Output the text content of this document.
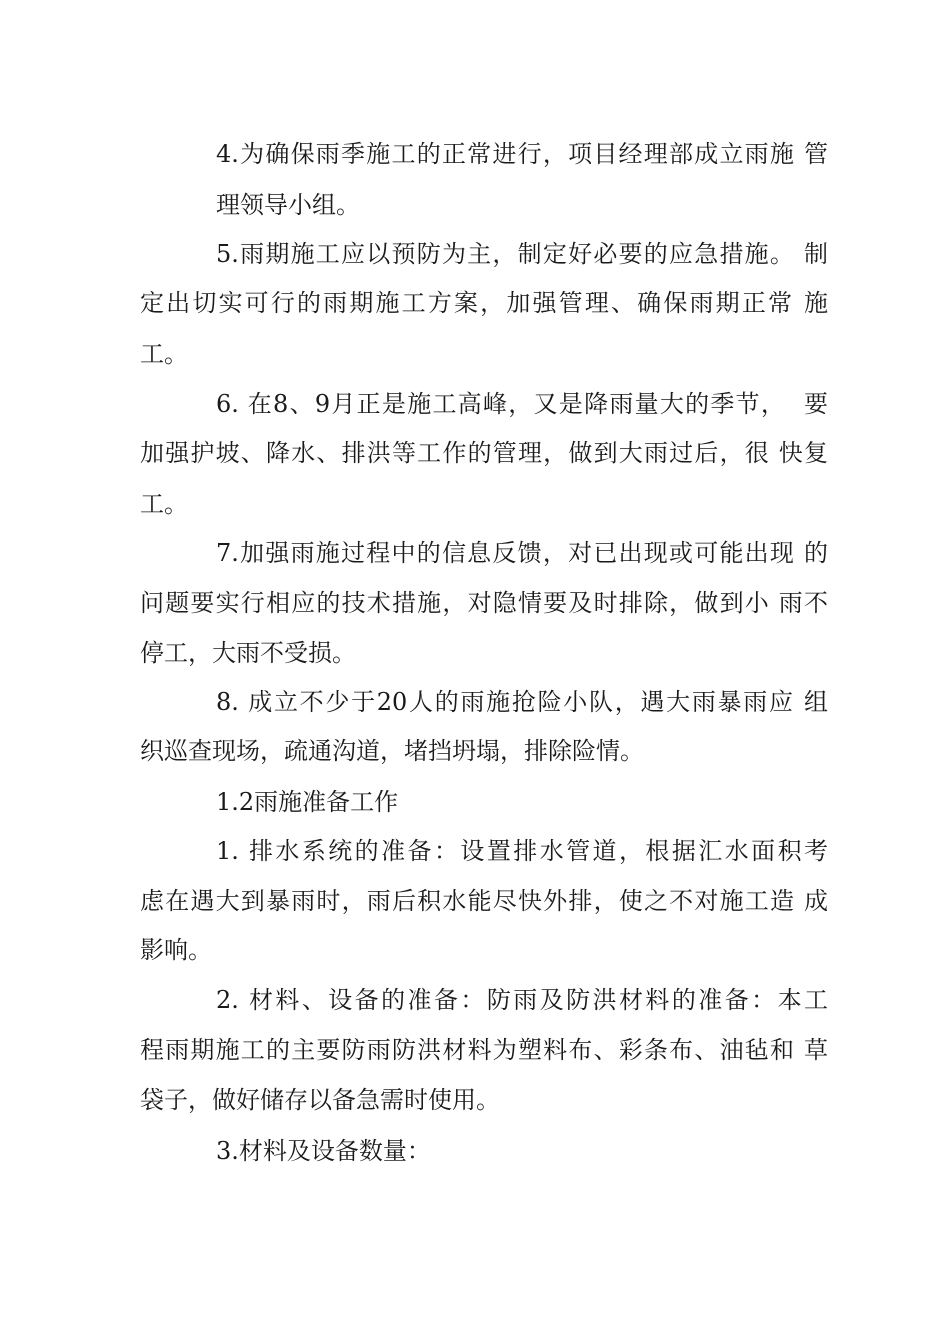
4.为确保雨季施工的正常进行，项目经理部成立雨施 管
理领导小组。
5.雨期施工应以预防为主，制定好必要的应急措施。 制
定出切实可行的雨期施工方案，加强管理、确保雨期正常 施
工。
6. 在8、9月正是施工高峰，又是降雨量大的季节，  要
加强护坡、降水、排洪等工作的管理，做到大雨过后，很 快复
工。
7.加强雨施过程中的信息反馈，对已出现或可能出现 的
问题要实行相应的技术措施，对隐情要及时排除，做到小 雨不
停工，大雨不受损。
8. 成立不少于20人的雨施抢险小队，遇大雨暴雨应 组
织巡查现场，疏通沟道，堵挡坍塌，排除险情。
1.2雨施准备工作
1. 排水系统的准备：设置排水管道，根据汇水面积考
虑在遇大到暴雨时，雨后积水能尽快外排，使之不对施工造 成
影响。
2. 材料、设备的准备：防雨及防洪材料的准备：本工
程雨期施工的主要防雨防洪材料为塑料布、彩条布、油毡和 草
袋子，做好储存以备急需时使用。
3.材料及设备数量：
